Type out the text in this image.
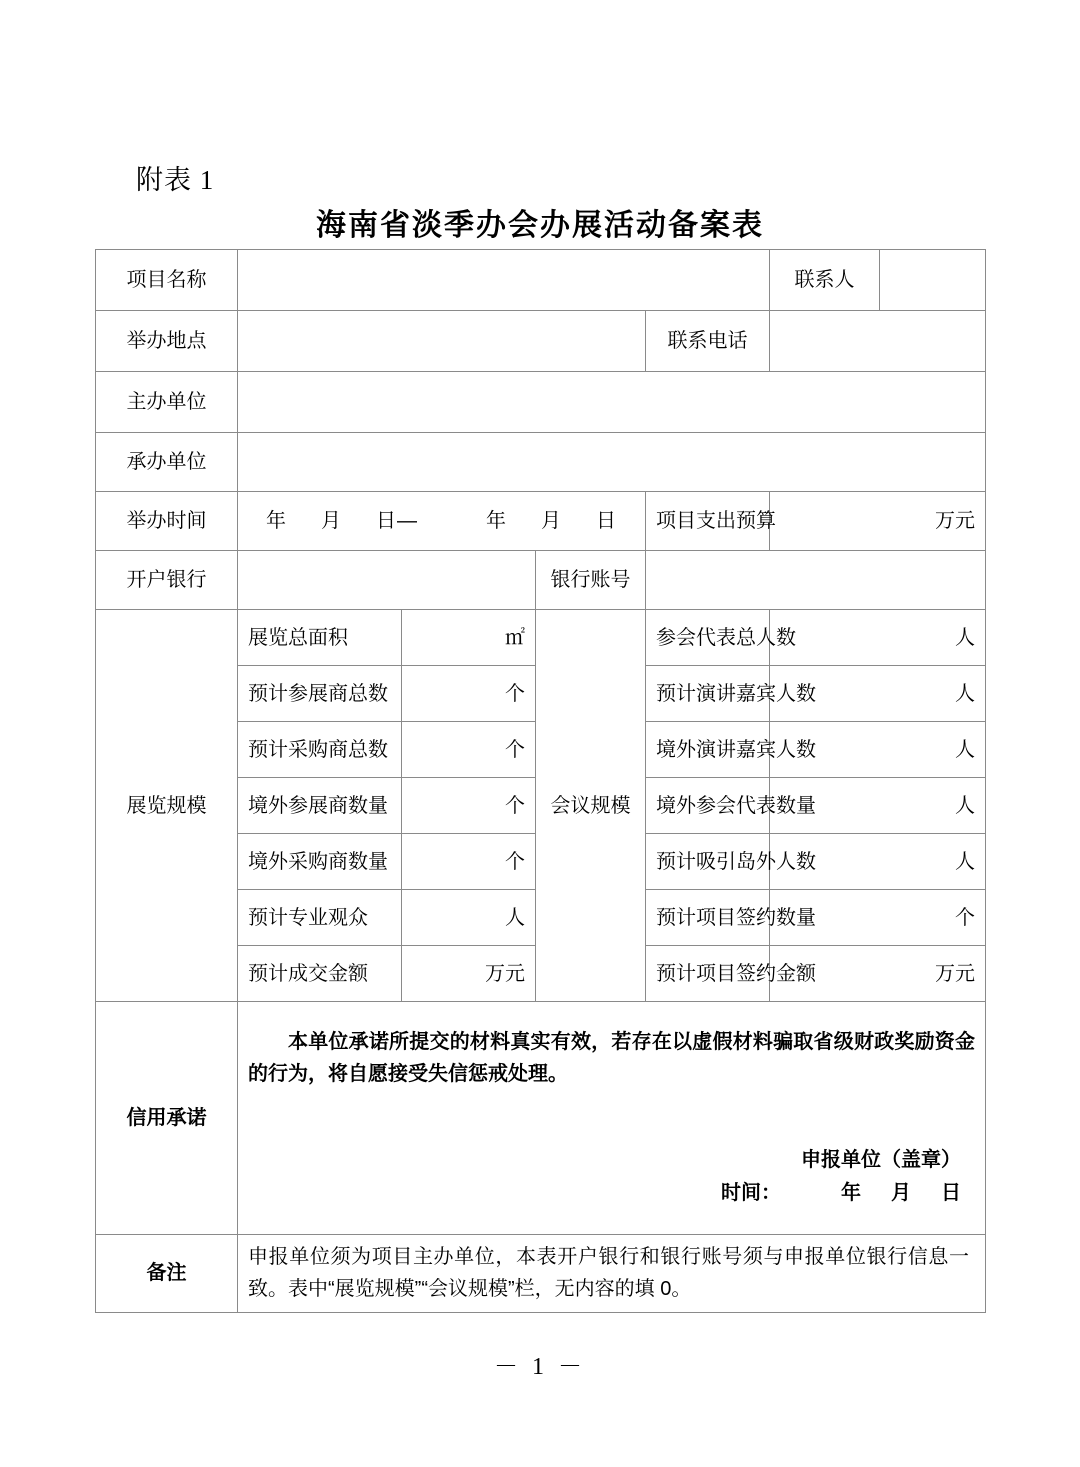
附表 1
海南省淡季办会办展活动备案表
项目名称					联系人	
举办地点				联系电话		
主办单位						
承办单位						
举办时间	年 月 日— 年 月 日			项目支出预算	万元	
开户银行			银行账号			
展览规模	展览总面积	㎡	会议规模	参会代表总人数	人	
	预计参展商总数	个		预计演讲嘉宾人数	人	
	预计采购商总数	个		境外演讲嘉宾人数	人	
	境外参展商数量	个		境外参会代表数量	人	
	境外采购商数量	个		预计吸引岛外人数	人	
	预计专业观众	人		预计项目签约数量	个	
	预计成交金额	万元		预计项目签约金额	万元	
信用承诺	本单位承诺所提交的材料真实有效，若存在以虚假材料骗取省级财政奖励资金的行为，将自愿接受失信惩戒处理。
申报单位（盖章）
时间： 年 月 日					

备注	申报单位须为项目主办单位，本表开户银行和银行账号须与申报单位银行信息一致。表中“展览规模”“会议规模”栏，无内容的填 0。					
－ 1 －
